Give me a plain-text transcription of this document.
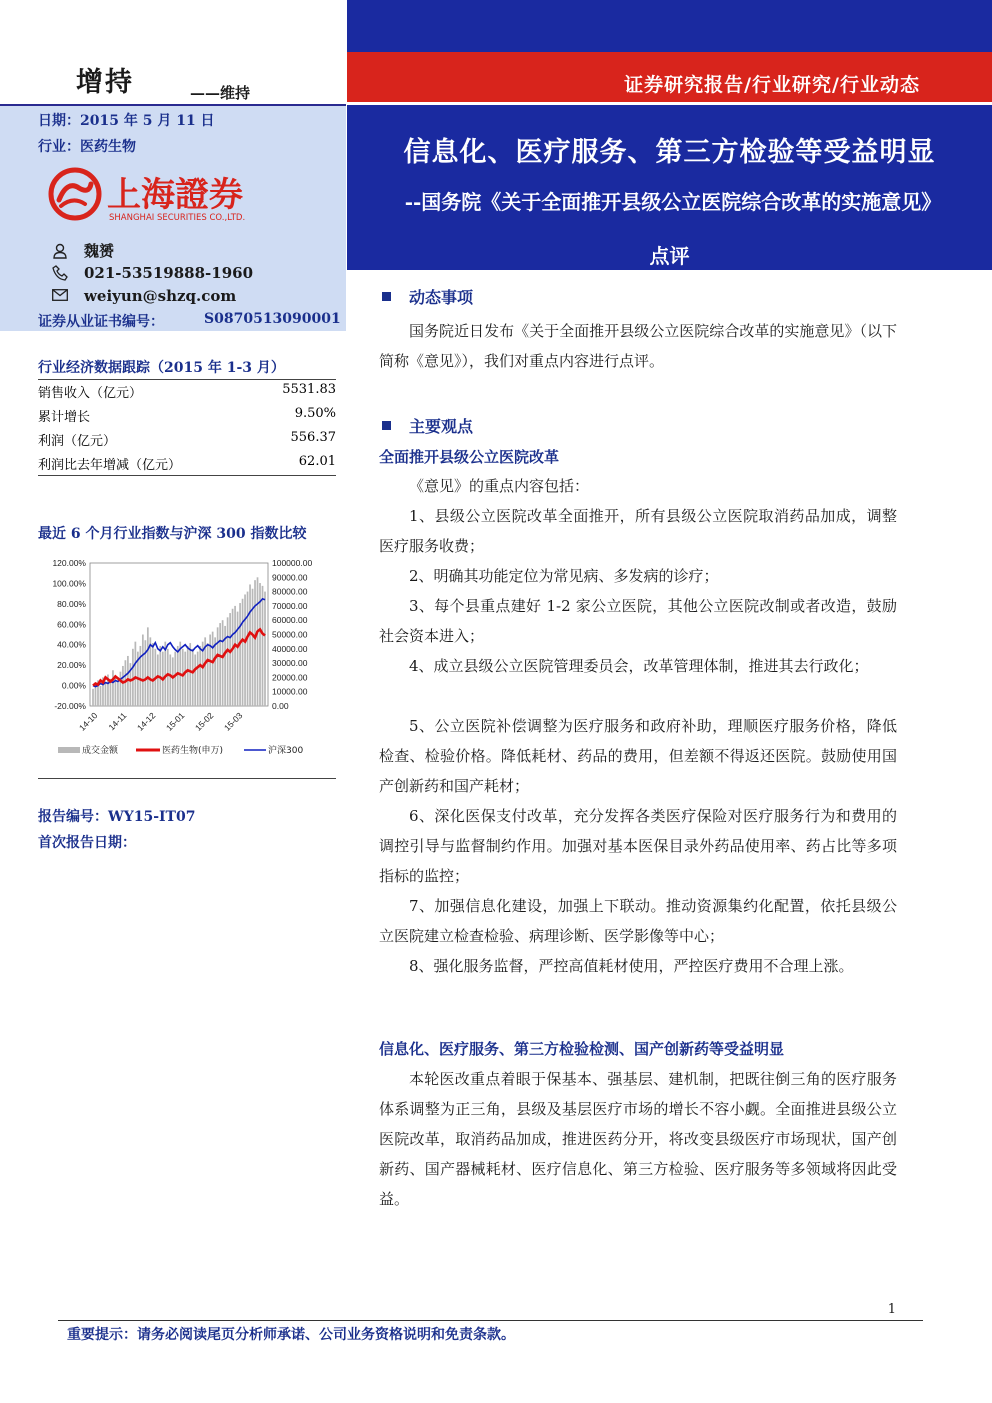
增持	——维持
日期：2015 年 5 月 11 日
行业：医药生物
上海證券
SHANGHAI SECURITIES CO.,LTD.
魏赟
021-53519888-1960
weiyun@shzq.com
证券从业证书编号：	S0870513090001
证券研究报告/行业研究/行业动态
信息化、医疗服务、第三方检验等受益明显
--国务院《关于全面推开县级公立医院综合改革的实施意见》
点评
行业经济数据跟踪（2015 年 1-3 月）
销售收入（亿元）	5531.83
累计增长	9.50%
利润（亿元）	556.37
利润比去年增减（亿元）	62.01
最近 6 个月行业指数与沪深 300 指数比较
120.00%
100.00%
80.00%
60.00%
40.00%
20.00%
0.00%
-20.00%
100000.00
90000.00
80000.00
70000.00
60000.00
50000.00
40000.00
30000.00
20000.00
10000.00
0.00
14-10 14-11 14-12 15-01 15-02 15-03
成交金额	医药生物(申万)	沪深300
报告编号：WY15-IT07
首次报告日期：
动态事项

国务院近日发布《关于全面推开县级公立医院综合改革的实施意见》（以下简称《意见》），我们对重点内容进行点评。

主要观点
全面推开县级公立医院改革

《意见》的重点内容包括：

1、县级公立医院改革全面推开，所有县级公立医院取消药品加成，调整医疗服务收费；

2、明确其功能定位为常见病、多发病的诊疗；

3、每个县重点建好 1-2 家公立医院，其他公立医院改制或者改造，鼓励社会资本进入；

4、成立县级公立医院管理委员会，改革管理体制，推进其去行政化；

5、公立医院补偿调整为医疗服务和政府补助，理顺医疗服务价格，降低检查、检验价格。降低耗材、药品的费用，但差额不得返还医院。鼓励使用国产创新药和国产耗材；

6、深化医保支付改革，充分发挥各类医疗保险对医疗服务行为和费用的调控引导与监督制约作用。加强对基本医保目录外药品使用率、药占比等多项指标的监控；

7、加强信息化建设，加强上下联动。推动资源集约化配置，依托县级公立医院建立检查检验、病理诊断、医学影像等中心；

8、强化服务监督，严控高值耗材使用，严控医疗费用不合理上涨。

信息化、医疗服务、第三方检验检测、国产创新药等受益明显

本轮医改重点着眼于保基本、强基层、建机制，把既往倒三角的医疗服务体系调整为正三角，县级及基层医疗市场的增长不容小觑。全面推进县级公立医院改革，取消药品加成，推进医药分开，将改变县级医疗市场现状，国产创新药、国产器械耗材、医疗信息化、第三方检验、医疗服务等多领域将因此受益。

1
重要提示：请务必阅读尾页分析师承诺、公司业务资格说明和免责条款。
